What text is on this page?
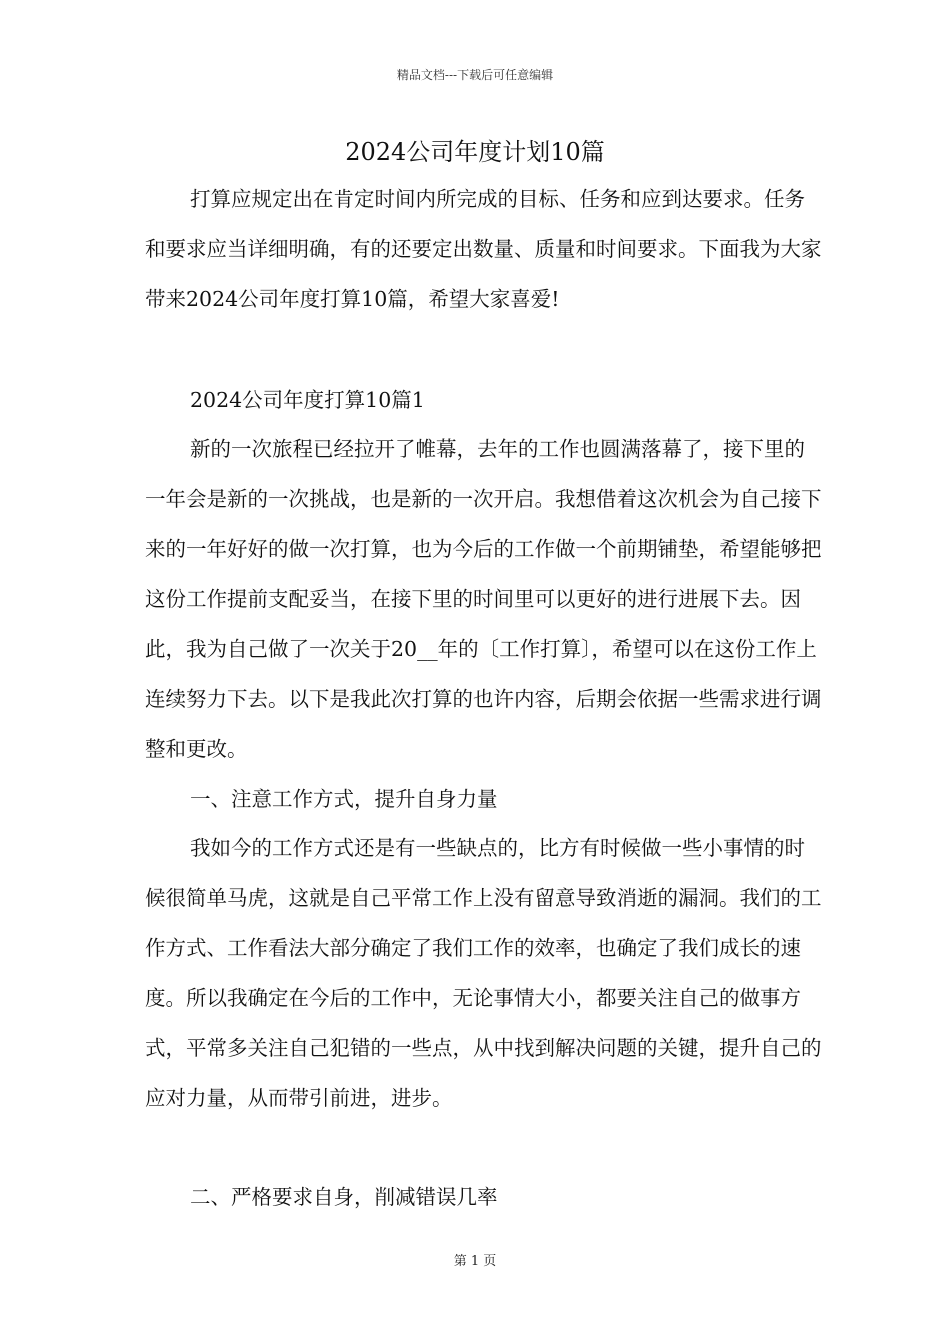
精品文档---下载后可任意编辑
2024公司年度计划10篇

打算应规定出在肯定时间内所完成的目标、任务和应到达要求。任务和要求应当详细明确，有的还要定出数量、质量和时间要求。下面我为大家带来2024公司年度打算10篇，希望大家喜爱!

2024公司年度打算10篇1

新的一次旅程已经拉开了帷幕，去年的工作也圆满落幕了，接下里的一年会是新的一次挑战，也是新的一次开启。我想借着这次机会为自己接下来的一年好好的做一次打算，也为今后的工作做一个前期铺垫，希望能够把这份工作提前支配妥当，在接下里的时间里可以更好的进行进展下去。因此，我为自己做了一次关于20__年的〔工作打算〕，希望可以在这份工作上连续努力下去。以下是我此次打算的也许内容，后期会依据一些需求进行调整和更改。

一、注意工作方式，提升自身力量

我如今的工作方式还是有一些缺点的，比方有时候做一些小事情的时候很简单马虎，这就是自己平常工作上没有留意导致消逝的漏洞。我们的工作方式、工作看法大部分确定了我们工作的效率，也确定了我们成长的速度。所以我确定在今后的工作中，无论事情大小，都要关注自己的做事方式，平常多关注自己犯错的一些点，从中找到解决问题的关键，提升自己的应对力量，从而带引前进，进步。

二、严格要求自身，削减错误几率

第 1 页
